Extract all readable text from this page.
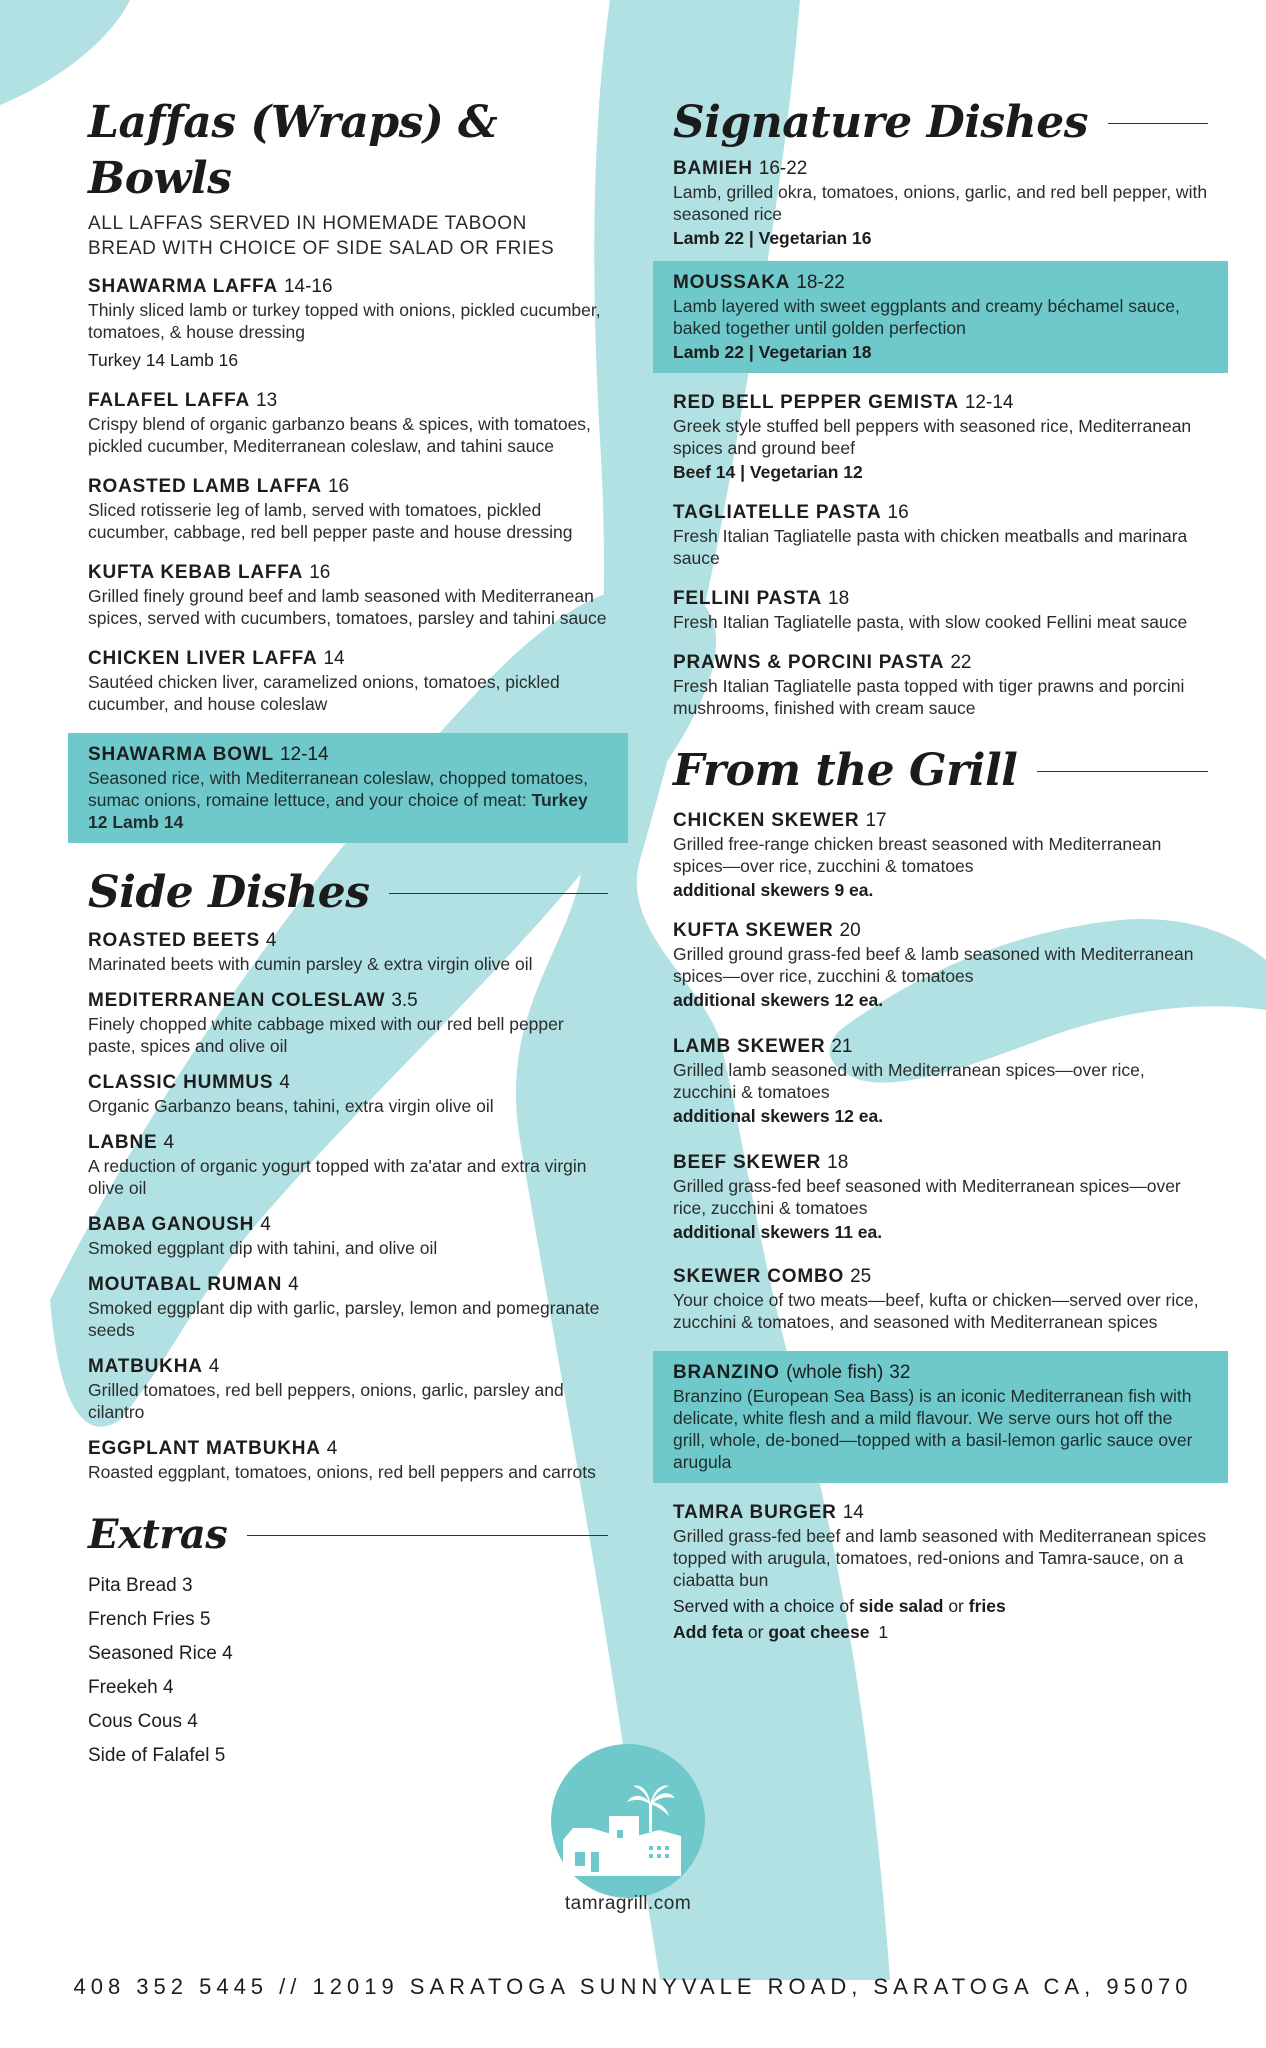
Laffas (Wraps) & Bowls
ALL LAFFAS SERVED IN HOMEMADE TABOON
BREAD WITH CHOICE OF SIDE SALAD OR FRIES
SHAWARMA LAFFA 14-16
Thinly sliced lamb or turkey topped with onions, pickled cucumber, tomatoes, & house dressing
Turkey 14 Lamb 16
FALAFEL LAFFA 13
Crispy blend of organic garbanzo beans & spices, with tomatoes, pickled cucumber, Mediterranean coleslaw, and tahini sauce
ROASTED LAMB LAFFA 16
Sliced rotisserie leg of lamb, served with tomatoes, pickled cucumber, cabbage, red bell pepper paste and house dressing
KUFTA KEBAB LAFFA 16
Grilled finely ground beef and lamb seasoned with Mediterranean spices, served with cucumbers, tomatoes, parsley and tahini sauce
CHICKEN LIVER LAFFA 14
Sautéed chicken liver, caramelized onions, tomatoes, pickled cucumber, and house coleslaw
SHAWARMA BOWL 12-14
Seasoned rice, with Mediterranean coleslaw, chopped tomatoes, sumac onions, romaine lettuce, and your choice of meat: Turkey 12 Lamb 14
Side Dishes
ROASTED BEETS 4
Marinated beets with cumin parsley & extra virgin olive oil
MEDITERRANEAN COLESLAW 3.5
Finely chopped white cabbage mixed with our red bell pepper paste, spices and olive oil
CLASSIC HUMMUS 4
Organic Garbanzo beans, tahini, extra virgin olive oil
LABNE 4
A reduction of organic yogurt topped with za'atar and extra virgin olive oil
BABA GANOUSH 4
Smoked eggplant dip with tahini, and olive oil
MOUTABAL RUMAN 4
Smoked eggplant dip with garlic, parsley, lemon and pomegranate seeds
MATBUKHA 4
Grilled tomatoes, red bell peppers, onions, garlic, parsley and cilantro
EGGPLANT MATBUKHA 4
Roasted eggplant, tomatoes, onions, red bell peppers and carrots
Extras
Pita Bread 3
French Fries 5
Seasoned Rice 4
Freekeh 4
Cous Cous 4
Side of Falafel 5
Signature Dishes
BAMIEH 16-22
Lamb, grilled okra, tomatoes, onions, garlic, and red bell pepper, with seasoned rice
Lamb 22 | Vegetarian 16
MOUSSAKA 18-22
Lamb layered with sweet eggplants and creamy béchamel sauce, baked together until golden perfection
Lamb 22 | Vegetarian 18
RED BELL PEPPER GEMISTA 12-14
Greek style stuffed bell peppers with seasoned rice, Mediterranean spices and ground beef
Beef 14 | Vegetarian 12
TAGLIATELLE PASTA 16
Fresh Italian Tagliatelle pasta with chicken meatballs and marinara sauce
FELLINI PASTA 18
Fresh Italian Tagliatelle pasta, with slow cooked Fellini meat sauce
PRAWNS & PORCINI PASTA 22
Fresh Italian Tagliatelle pasta topped with tiger prawns and porcini mushrooms, finished with cream sauce
From the Grill
CHICKEN SKEWER 17
Grilled free-range chicken breast seasoned with Mediterranean spices—over rice, zucchini & tomatoes
additional skewers 9 ea.
KUFTA SKEWER 20
Grilled ground grass-fed beef & lamb seasoned with Mediterranean spices—over rice, zucchini & tomatoes
additional skewers 12 ea.
LAMB SKEWER 21
Grilled lamb seasoned with Mediterranean spices—over rice, zucchini & tomatoes
additional skewers 12 ea.
BEEF SKEWER 18
Grilled grass-fed beef seasoned with Mediterranean spices—over rice, zucchini & tomatoes
additional skewers 11 ea.
SKEWER COMBO 25
Your choice of two meats—beef, kufta or chicken—served over rice, zucchini & tomatoes, and seasoned with Mediterranean spices
BRANZINO (whole fish) 32
Branzino (European Sea Bass) is an iconic Mediterranean fish with delicate, white flesh and a mild flavour. We serve ours hot off the grill, whole, de-boned—topped with a basil-lemon garlic sauce over arugula
TAMRA BURGER 14
Grilled grass-fed beef and lamb seasoned with Mediterranean spices topped with arugula, tomatoes, red-onions and Tamra-sauce, on a ciabatta bun
Served with a choice of side salad or fries
Add feta or goat cheese 1
tamragrill.com
408 352 5445 // 12019 SARATOGA SUNNYVALE ROAD, SARATOGA CA, 95070
